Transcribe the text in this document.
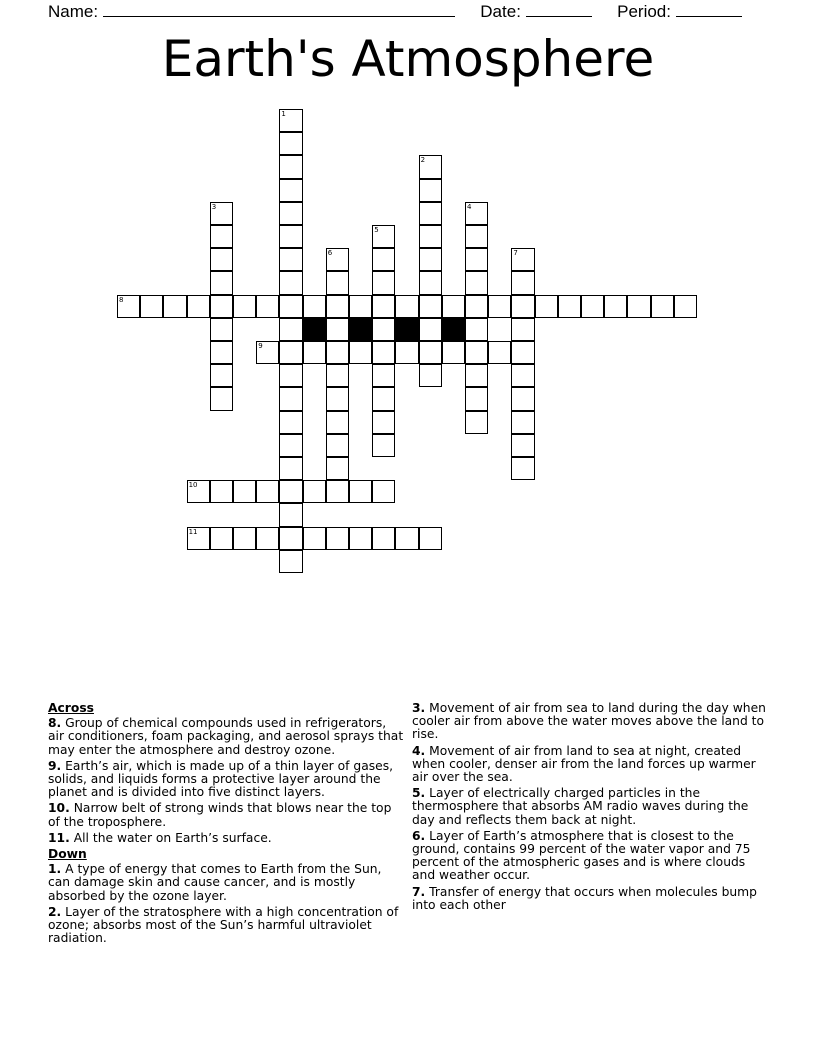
Name:	Date:	Period:
Earth's Atmosphere
1
2
3	4
5
6	7
8
9
10
11
Across
8. Group of chemical compounds used in refrigerators, air conditioners, foam packaging, and aerosol sprays that may enter the atmosphere and destroy ozone.
9. Earth’s air, which is made up of a thin layer of gases, solids, and liquids forms a protective layer around the planet and is divided into five distinct layers.
10. Narrow belt of strong winds that blows near the top of the troposphere.
11. All the water on Earth’s surface.
Down
1. A type of energy that comes to Earth from the Sun, can damage skin and cause cancer, and is mostly absorbed by the ozone layer.
2. Layer of the stratosphere with a high concentration of ozone; absorbs most of the Sun’s harmful ultraviolet radiation.
3. Movement of air from sea to land during the day when cooler air from above the water moves above the land to rise.
4. Movement of air from land to sea at night, created when cooler, denser air from the land forces up warmer air over the sea.
5. Layer of electrically charged particles in the thermosphere that absorbs AM radio waves during the day and reflects them back at night.
6. Layer of Earth’s atmosphere that is closest to the ground, contains 99 percent of the water vapor and 75 percent of the atmospheric gases and is where clouds and weather occur.
7. Transfer of energy that occurs when molecules bump into each other
